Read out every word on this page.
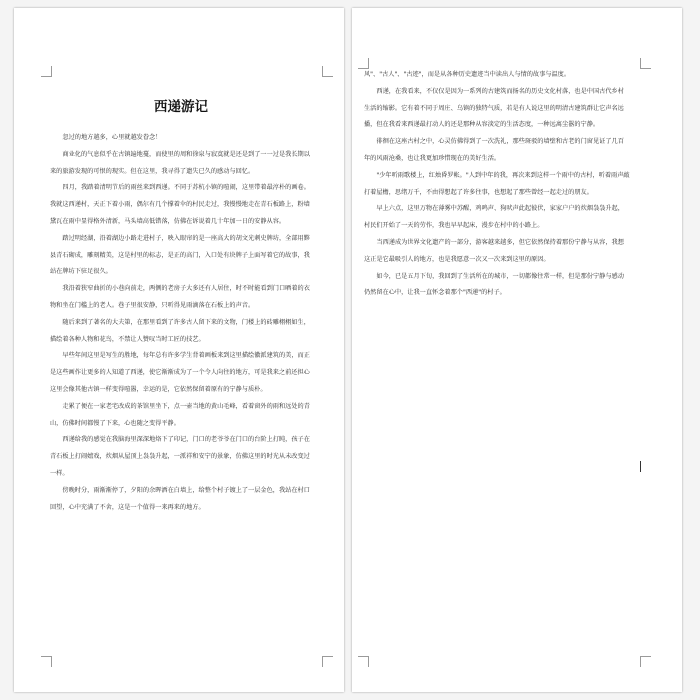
西递游记

忽过的地方越多，心里就越发眷念！

商业化的气息似乎在古镇遍地蔓，而使里的周和徐泉与寂寞就是还是到了一一过是我长期以来的旅游发现的可恨的现实。但在这里，我寻得了遗失已久的感动与回忆。

四月，我踏着清明节后的雨丝来到西递。不同于苏杭小镇的喧闹，这里带着最淳朴的画卷。我就这西递村，天正下着小雨，偶尔有几个撑着伞的村民走过，我慢慢地走在青石板路上，粉墙黛瓦在雨中显得格外清新，马头墙高低错落，仿佛在诉说着几十年加一日的安静从容。

踏过明经湖，沿着湖边小路走进村子，映入眼帘的是一座高大的胡文光刺史牌坊，全部用黟县青石砌成，雕刻精美，这是村里的标志，是正的高门，入口处有块牌子上面写着它的故事，我站在牌坊下驻足很久。

我沿着狭窄曲折的小巷向前走，两侧的老房子大多还有人居住，时不时能看到门口晒着的衣物和坐在门槛上的老人。巷子里很安静，只听得见雨滴落在石板上的声音。

随后来到了著名的大夫第，在那里看到了许多古人留下来的文物，门楼上的砖雕栩栩如生，描绘着各种人物和花鸟，不禁让人赞叹当时工匠的技艺。

早些年间这里是写生的胜地，每年总有许多学生背着画板来到这里描绘徽派建筑的美，而正是这些画作让更多的人知道了西递，使它渐渐成为了一个令人向往的地方，可是我来之前还担心这里会像其他古镇一样变得喧嚣，幸运的是，它依然保留着原有的宁静与质朴。

走累了便在一家老宅改成的茶馆里坐下，点一壶当地的黄山毛峰，看着窗外的雨和远处的青山，仿佛时间都慢了下来，心也随之变得平静。

西递给我的感觉在我脑海里深深地烙下了印记，门口的老爷爷在门口的台阶上打盹，孩子在青石板上打闹嬉戏，炊烟从屋顶上袅袅升起，一派祥和安宁的景象，仿佛这里的时光从未改变过一样。

傍晚时分，雨渐渐停了，夕阳的余晖洒在白墙上，给整个村子镀上了一层金色，我站在村口回望，心中充满了不舍，这是一个值得一来再来的地方。

风"、"古人"、"古迹"，而是从各种历史遗迹当中读出人与情的故事与温度。

西递，在我看来，不仅仅是因为一系列的古建筑而扬名的历史文化村落，也是中国古代乡村生活的缩影。它有着不同于周庄、乌镇的独特气质，若是有人说这里的明清古建筑群让它声名远播，但在我看来西递最打动人的还是那种从容淡定的生活态度，一种远离尘嚣的宁静。

徘徊在这座古村之中，心灵仿佛得到了一次洗礼，那些斑驳的墙壁和古老的门窗见证了几百年的风雨沧桑，也让我更加珍惜现在的美好生活。

"少年听雨歌楼上，红烛昏罗帐。"人到中年的我，再次来到这样一个雨中的古村，听着雨声敲打着屋檐，思绪万千，不由得想起了许多往事，也想起了那些曾经一起走过的朋友。

早上六点，这里万物在薄雾中苏醒，鸡鸣声、狗吠声此起彼伏，家家户户的炊烟袅袅升起，村民们开始了一天的劳作，我也早早起床，漫步在村中的小路上。

当西递成为世界文化遗产的一部分，游客越来越多，但它依然保持着那份宁静与从容，我想这正是它最吸引人的地方，也是我愿意一次又一次来到这里的原因。

如今，已是五月下旬，我回到了生活所在的城市，一切都像往常一样，但是那份宁静与感动仍然留在心中，让我一直怀念着那个"西递"的村子。
